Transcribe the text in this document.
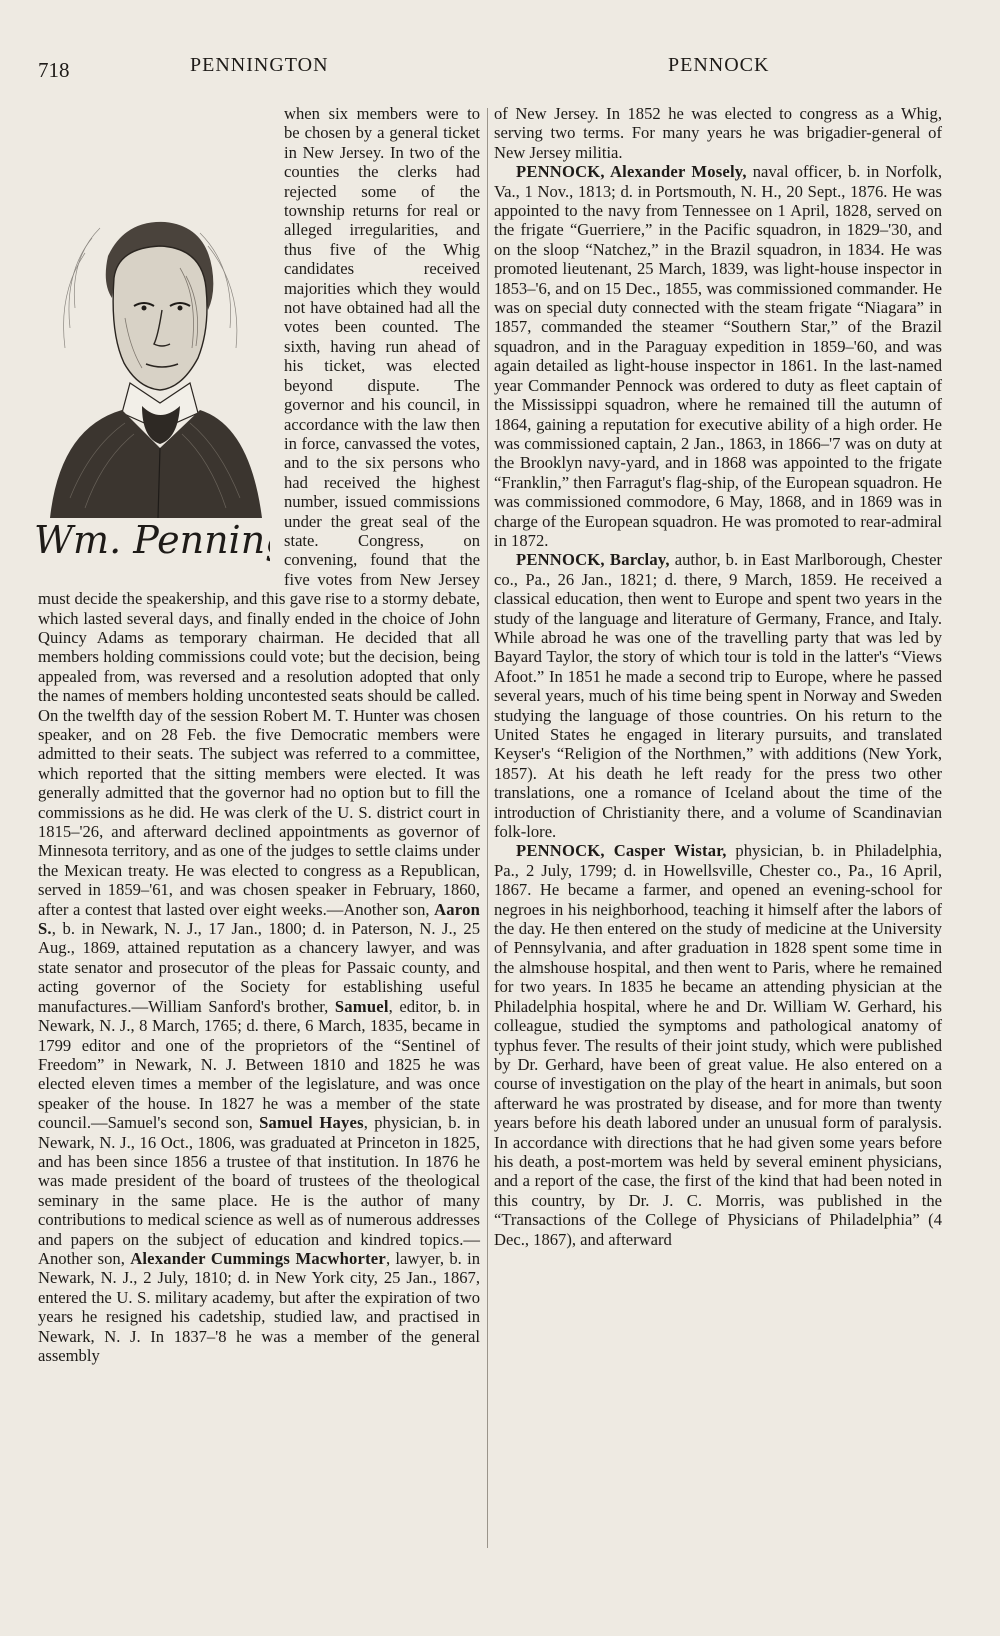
718	PENNINGTON	PENNOCK

when six members were to be chosen by a general ticket in New Jersey. In two of the counties the clerks had rejected some of the township returns for real or alleged irregularities, and thus five of the Whig candidates received majorities which they would not have obtained had all the votes been counted. The sixth, having run ahead of his ticket, was elected beyond dispute. The governor and his council, in accordance with the law then in force, canvassed the votes, and to the six persons who had received the highest number, issued commissions under the great seal of the state. Congress, on convening, found that the five votes from New Jersey must decide the speakership, and this gave rise to a stormy debate, which lasted several days, and finally ended in the choice of John Quincy Adams as temporary chairman. He decided that all members holding commissions could vote; but the decision, being appealed from, was reversed and a resolution adopted that only the names of members holding uncontested seats should be called. On the twelfth day of the session Robert M. T. Hunter was chosen speaker, and on 28 Feb. the five Democratic members were admitted to their seats. The subject was referred to a committee, which reported that the sitting members were elected. It was generally admitted that the governor had no option but to fill the commissions as he did. He was clerk of the U. S. district court in 1815–'26, and afterward declined appointments as governor of Minnesota territory, and as one of the judges to settle claims under the Mexican treaty. He was elected to congress as a Republican, served in 1859–'61, and was chosen speaker in February, 1860, after a contest that lasted over eight weeks.—Another son, Aaron S., b. in Newark, N. J., 17 Jan., 1800; d. in Paterson, N. J., 25 Aug., 1869, attained reputation as a chancery lawyer, and was state senator and prosecutor of the pleas for Passaic county, and acting governor of the Society for establishing useful manufactures.—William Sanford's brother, Samuel, editor, b. in Newark, N. J., 8 March, 1765; d. there, 6 March, 1835, became in 1799 editor and one of the proprietors of the “Sentinel of Freedom” in Newark, N. J. Between 1810 and 1825 he was elected eleven times a member of the legislature, and was once speaker of the house. In 1827 he was a member of the state council.—Samuel's second son, Samuel Hayes, physician, b. in Newark, N. J., 16 Oct., 1806, was graduated at Princeton in 1825, and has been since 1856 a trustee of that institution. In 1876 he was made president of the board of trustees of the theological seminary in the same place. He is the author of many contributions to medical science as well as of numerous addresses and papers on the subject of education and kindred topics.—Another son, Alexander Cummings Macwhorter, lawyer, b. in Newark, N. J., 2 July, 1810; d. in New York city, 25 Jan., 1867, entered the U. S. military academy, but after the expiration of two years he resigned his cadetship, studied law, and practised in Newark, N. J. In 1837–'8 he was a member of the general assembly

Wm. Pennin

of New Jersey. In 1852 he was elected to congress as a Whig, serving two terms. For many years he was brigadier-general of New Jersey militia.

PENNOCK, Alexander Mosely, naval officer, b. in Norfolk, Va., 1 Nov., 1813; d. in Portsmouth, N. H., 20 Sept., 1876. He was appointed to the navy from Tennessee on 1 April, 1828, served on the frigate “Guerriere,” in the Pacific squadron, in 1829–'30, and on the sloop “Natchez,” in the Brazil squadron, in 1834. He was promoted lieutenant, 25 March, 1839, was light-house inspector in 1853–'6, and on 15 Dec., 1855, was commissioned commander. He was on special duty connected with the steam frigate “Niagara” in 1857, commanded the steamer “Southern Star,” of the Brazil squadron, and in the Paraguay expedition in 1859–'60, and was again detailed as light-house inspector in 1861. In the last-named year Commander Pennock was ordered to duty as fleet captain of the Mississippi squadron, where he remained till the autumn of 1864, gaining a reputation for executive ability of a high order. He was commissioned captain, 2 Jan., 1863, in 1866–'7 was on duty at the Brooklyn navy-yard, and in 1868 was appointed to the frigate “Franklin,” then Farragut's flag-ship, of the European squadron. He was commissioned commodore, 6 May, 1868, and in 1869 was in charge of the European squadron. He was promoted to rear-admiral in 1872.

PENNOCK, Barclay, author, b. in East Marlborough, Chester co., Pa., 26 Jan., 1821; d. there, 9 March, 1859. He received a classical education, then went to Europe and spent two years in the study of the language and literature of Germany, France, and Italy. While abroad he was one of the travelling party that was led by Bayard Taylor, the story of which tour is told in the latter's “Views Afoot.” In 1851 he made a second trip to Europe, where he passed several years, much of his time being spent in Norway and Sweden studying the language of those countries. On his return to the United States he engaged in literary pursuits, and translated Keyser's “Religion of the Northmen,” with additions (New York, 1857). At his death he left ready for the press two other translations, one a romance of Iceland about the time of the introduction of Christianity there, and a volume of Scandinavian folk-lore.

PENNOCK, Casper Wistar, physician, b. in Philadelphia, Pa., 2 July, 1799; d. in Howellsville, Chester co., Pa., 16 April, 1867. He became a farmer, and opened an evening-school for negroes in his neighborhood, teaching it himself after the labors of the day. He then entered on the study of medicine at the University of Pennsylvania, and after graduation in 1828 spent some time in the almshouse hospital, and then went to Paris, where he remained for two years. In 1835 he became an attending physician at the Philadelphia hospital, where he and Dr. William W. Gerhard, his colleague, studied the symptoms and pathological anatomy of typhus fever. The results of their joint study, which were published by Dr. Gerhard, have been of great value. He also entered on a course of investigation on the play of the heart in animals, but soon afterward he was prostrated by disease, and for more than twenty years before his death labored under an unusual form of paralysis. In accordance with directions that he had given some years before his death, a post-mortem was held by several eminent physicians, and a report of the case, the first of the kind that had been noted in this country, by Dr. J. C. Morris, was published in the “Transactions of the College of Physicians of Philadelphia” (4 Dec., 1867), and afterward
